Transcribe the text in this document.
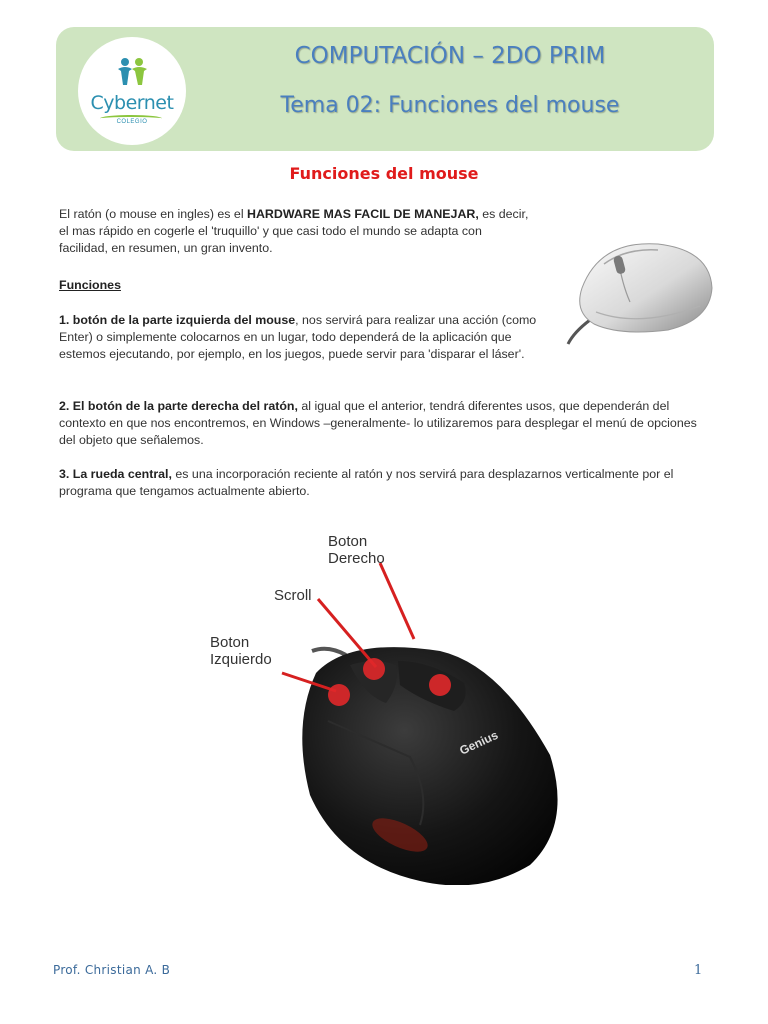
Cybernet
COLEGIO
COMPUTACIÓN – 2DO PRIM
Tema 02: Funciones del mouse
Funciones del mouse

El ratón (o mouse en ingles) es el HARDWARE MAS FACIL DE MANEJAR, es decir, el mas rápido en cogerle el 'truquillo' y que casi todo el mundo se adapta con facilidad, en resumen, un gran invento.

Funciones

1. botón de la parte izquierda del mouse, nos servirá para realizar una acción (como Enter) o simplemente colocarnos en un lugar, todo dependerá de la aplicación que estemos ejecutando, por ejemplo, en los juegos, puede servir para 'disparar el láser'.

2. El botón de la parte derecha del ratón, al igual que el anterior, tendrá diferentes usos, que dependerán del contexto en que nos encontremos, en Windows –generalmente- lo utilizaremos para desplegar el menú de opciones del objeto que señalemos.

3. La rueda central, es una incorporación reciente al ratón y nos servirá para desplazarnos verticalmente por el programa que tengamos actualmente abierto.

Genius
Boton
Derecho
Scroll
Boton
Izquierdo
Prof. Christian A. B	1
